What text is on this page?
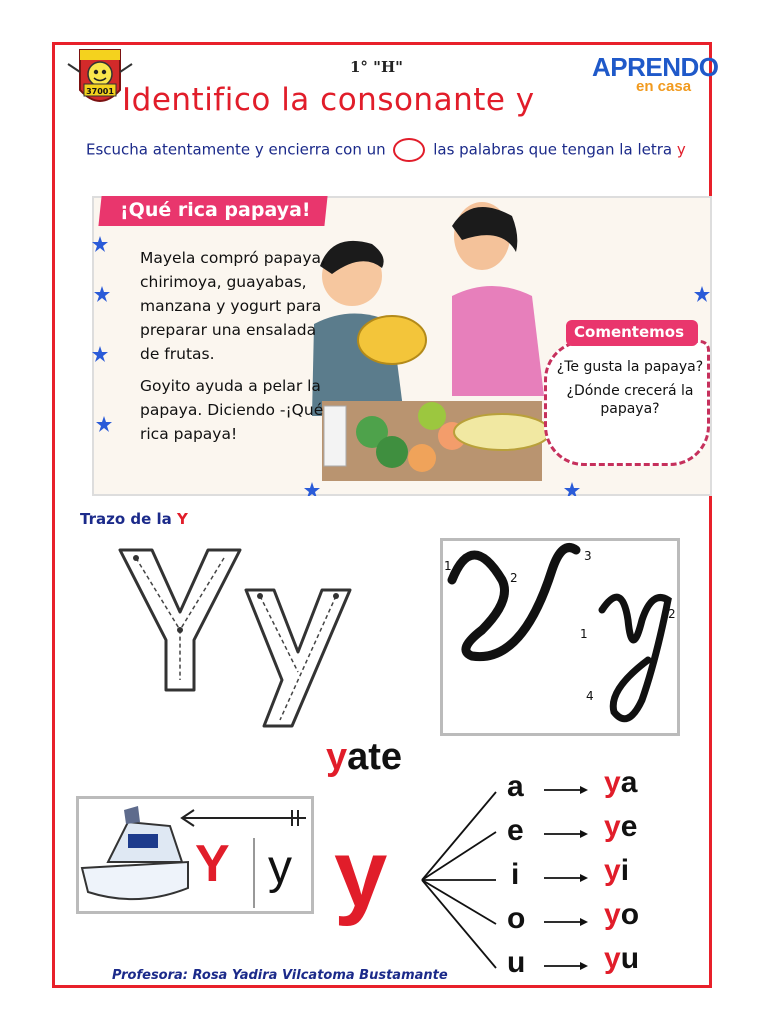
37001
1° "H"	APRENDO
en casa
Identifico la consonante y
Escucha atentamente y encierra con un	las palabras que tengan la letra y
¡Qué rica papaya!
Mayela compró papaya, chirimoya, guayabas, manzana y yogurt para preparar una ensalada de frutas.
Goyito ayuda a pelar la papaya. Diciendo -¡Qué rica papaya!
Comentemos
¿Te gusta la papaya?
¿Dónde crecerá la papaya?
Trazo de la Y
1
2
3
1
2
4
yate
Y y y
a
e
i
o
u
ya
ye
yi
yo
yu
Profesora: Rosa Yadira Vilcatoma Bustamante
